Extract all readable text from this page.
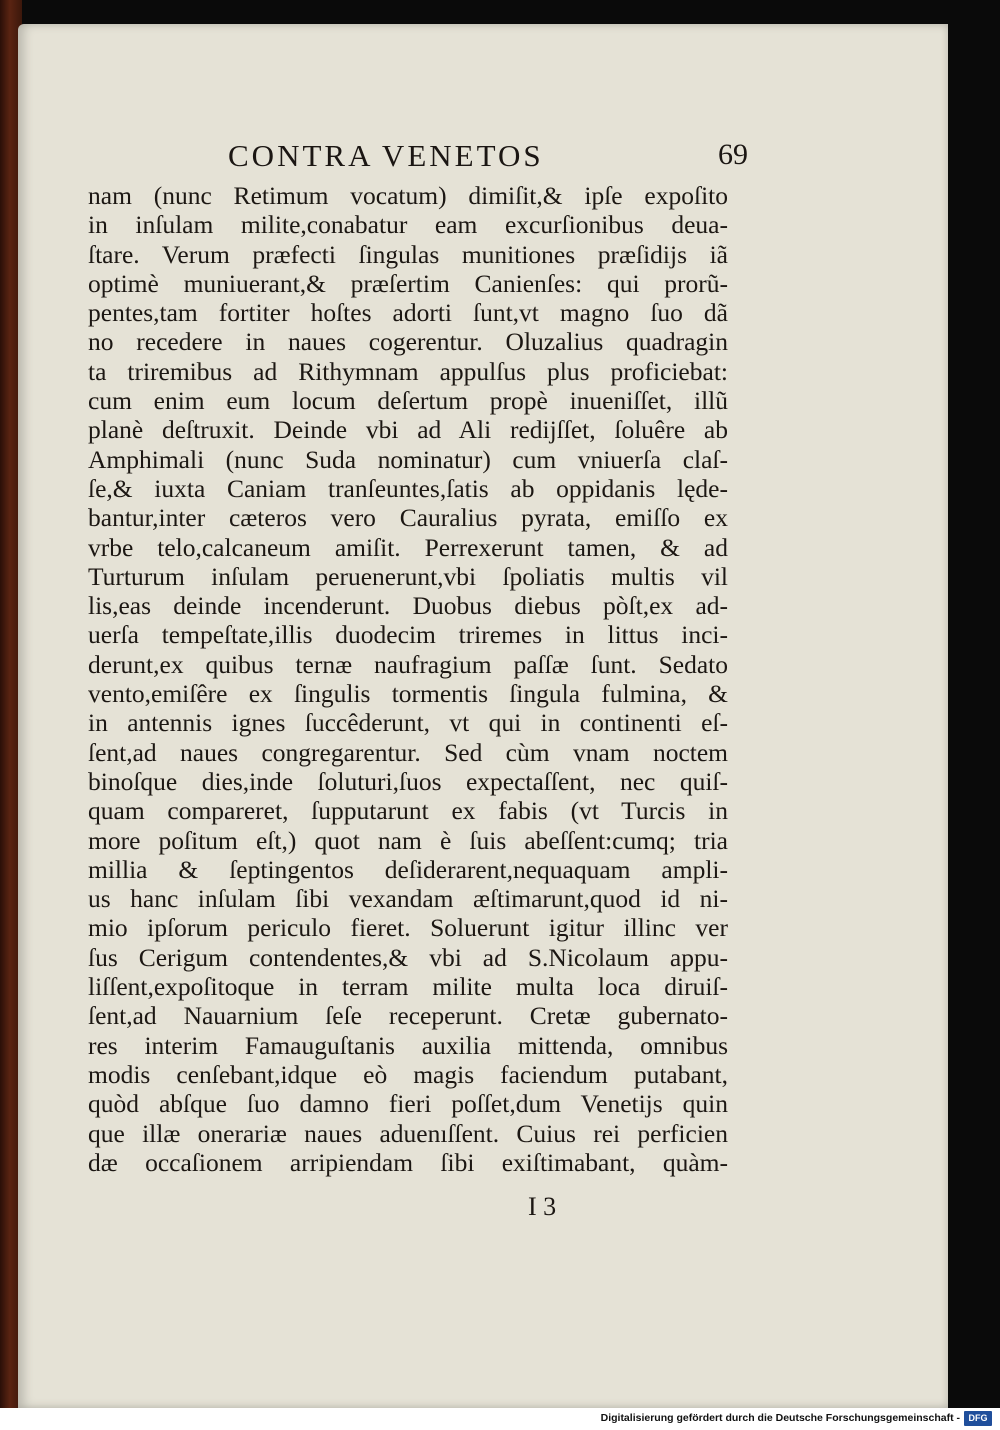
CONTRA VENETOS	69
nam (nunc Retimum vocatum) dimiſit,& ipſe expoſito
in inſulam milite,conabatur eam excurſionibus deua-
ſtare. Verum præfecti ſingulas munitiones præſidijs iã
optimè muniuerant,& præſertim Canienſes: qui prorũ-
pentes,tam fortiter hoſtes adorti ſunt,vt magno ſuo dã
no recedere in naues cogerentur. Oluzalius quadragin
ta triremibus ad Rithymnam appulſus plus proficiebat:
cum enim eum locum deſertum propè inueniſſet, illũ
planè deſtruxit. Deinde vbi ad Ali redijſſet, ſoluêre ab
Amphimali (nunc Suda nominatur) cum vniuerſa claſ-
ſe,& iuxta Caniam tranſeuntes,ſatis ab oppidanis lęde-
bantur,inter cæteros vero Cauralius pyrata, emiſſo ex
vrbe telo,calcaneum amiſit. Perrexerunt tamen, & ad
Turturum inſulam peruenerunt,vbi ſpoliatis multis vil
lis,eas deinde incenderunt. Duobus diebus pòſt,ex ad-
uerſa tempeſtate,illis duodecim triremes in littus inci-
derunt,ex quibus ternæ naufragium paſſæ ſunt. Sedato
vento,emiſêre ex ſingulis tormentis ſingula fulmina, &
in antennis ignes ſuccêderunt, vt qui in continenti eſ-
ſent,ad naues congregarentur. Sed cùm vnam noctem
binoſque dies,inde ſoluturi,ſuos expectaſſent, nec quiſ-
quam compareret, ſupputarunt ex fabis (vt Turcis in
more poſitum eſt,) quot nam è ſuis abeſſent:cumq; tria
millia & ſeptingentos deſiderarent,nequaquam ampli-
us hanc inſulam ſibi vexandam æſtimarunt,quod id ni-
mio ipſorum periculo fieret. Soluerunt igitur illinc ver
ſus Cerigum contendentes,& vbi ad S.Nicolaum appu-
liſſent,expoſitoque in terram milite multa loca diruiſ-
ſent,ad Nauarnium ſeſe receperunt. Cretæ gubernato-
res interim Famauguſtanis auxilia mittenda, omnibus
modis cenſebant,idque eò magis faciendum putabant,
quòd abſque ſuo damno fieri poſſet,dum Venetijs quin
que illæ onerariæ naues aduenıſſent. Cuius rei perficien
dæ occaſionem arripiendam ſibi exiſtimabant, quàm-
I 3
Digitalisierung gefördert durch die Deutsche Forschungsgemeinschaft - DFG
